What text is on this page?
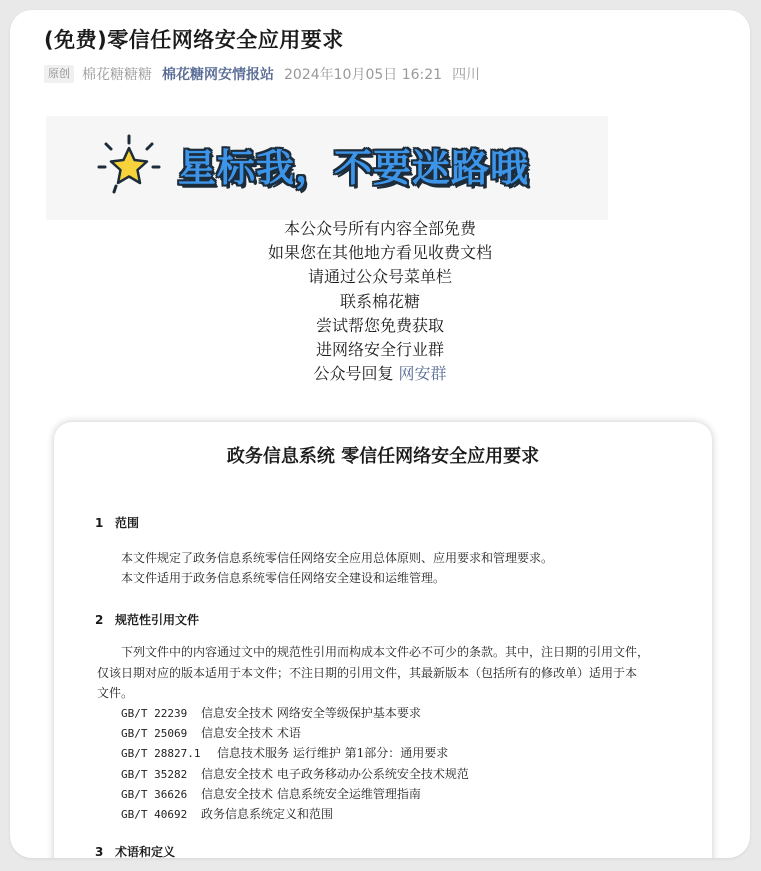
(免费)零信任网络安全应用要求
原创 棉花糖糖糖 棉花糖网安情报站 2024年10月05日 16:21 四川
星标我，不要迷路哦
本公众号所有内容全部免费
如果您在其他地方看见收费文档
请通过公众号菜单栏
联系棉花糖
尝试帮您免费获取
进网络安全行业群
公众号回复 网安群
政务信息系统 零信任网络安全应用要求
1 范围
本文件规定了政务信息系统零信任网络安全应用总体原则、应用要求和管理要求。
本文件适用于政务信息系统零信任网络安全建设和运维管理。
2 规范性引用文件
下列文件中的内容通过文中的规范性引用而构成本文件必不可少的条款。其中，注日期的引用文件，
仅该日期对应的版本适用于本文件；不注日期的引用文件，其最新版本（包括所有的修改单）适用于本
文件。
GB/T 22239 信息安全技术 网络安全等级保护基本要求
GB/T 25069 信息安全技术 术语
GB/T 28827.1 信息技术服务 运行维护 第1部分：通用要求
GB/T 35282 信息安全技术 电子政务移动办公系统安全技术规范
GB/T 36626 信息安全技术 信息系统安全运维管理指南
GB/T 40692 政务信息系统定义和范围
3 术语和定义
